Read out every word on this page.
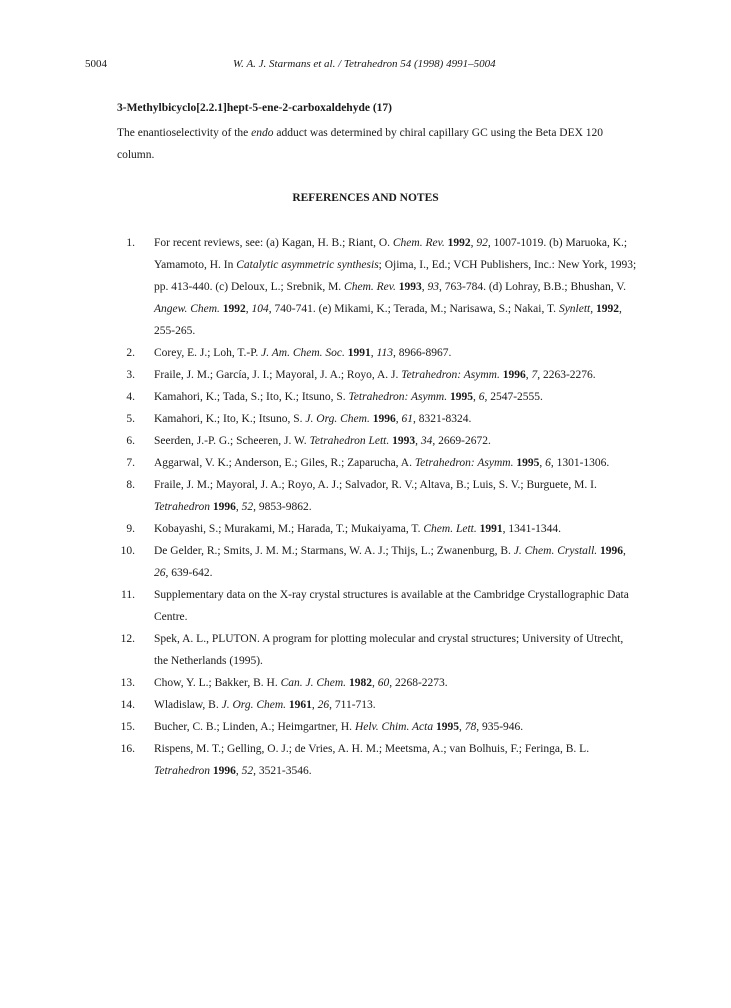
5004	W. A. J. Starmans et al. / Tetrahedron 54 (1998) 4991–5004
3-Methylbicyclo[2.2.1]hept-5-ene-2-carboxaldehyde (17)
The enantioselectivity of the endo adduct was determined by chiral capillary GC using the Beta DEX 120 column.
REFERENCES AND NOTES
1. For recent reviews, see: (a) Kagan, H. B.; Riant, O. Chem. Rev. 1992, 92, 1007-1019. (b) Maruoka, K.; Yamamoto, H. In Catalytic asymmetric synthesis; Ojima, I., Ed.; VCH Publishers, Inc.: New York, 1993; pp. 413-440. (c) Deloux, L.; Srebnik, M. Chem. Rev. 1993, 93, 763-784. (d) Lohray, B.B.; Bhushan, V. Angew. Chem. 1992, 104, 740-741. (e) Mikami, K.; Terada, M.; Narisawa, S.; Nakai, T. Synlett, 1992, 255-265.
2. Corey, E. J.; Loh, T.-P. J. Am. Chem. Soc. 1991, 113, 8966-8967.
3. Fraile, J. M.; García, J. I.; Mayoral, J. A.; Royo, A. J. Tetrahedron: Asymm. 1996, 7, 2263-2276.
4. Kamahori, K.; Tada, S.; Ito, K.; Itsuno, S. Tetrahedron: Asymm. 1995, 6, 2547-2555.
5. Kamahori, K.; Ito, K.; Itsuno, S. J. Org. Chem. 1996, 61, 8321-8324.
6. Seerden, J.-P. G.; Scheeren, J. W. Tetrahedron Lett. 1993, 34, 2669-2672.
7. Aggarwal, V. K.; Anderson, E.; Giles, R.; Zaparucha, A. Tetrahedron: Asymm. 1995, 6, 1301-1306.
8. Fraile, J. M.; Mayoral, J. A.; Royo, A. J.; Salvador, R. V.; Altava, B.; Luis, S. V.; Burguete, M. I. Tetrahedron 1996, 52, 9853-9862.
9. Kobayashi, S.; Murakami, M.; Harada, T.; Mukaiyama, T. Chem. Lett. 1991, 1341-1344.
10. De Gelder, R.; Smits, J. M. M.; Starmans, W. A. J.; Thijs, L.; Zwanenburg, B. J. Chem. Crystall. 1996, 26, 639-642.
11. Supplementary data on the X-ray crystal structures is available at the Cambridge Crystallographic Data Centre.
12. Spek, A. L., PLUTON. A program for plotting molecular and crystal structures; University of Utrecht, the Netherlands (1995).
13. Chow, Y. L.; Bakker, B. H. Can. J. Chem. 1982, 60, 2268-2273.
14. Wladislaw, B. J. Org. Chem. 1961, 26, 711-713.
15. Bucher, C. B.; Linden, A.; Heimgartner, H. Helv. Chim. Acta 1995, 78, 935-946.
16. Rispens, M. T.; Gelling, O. J.; de Vries, A. H. M.; Meetsma, A.; van Bolhuis, F.; Feringa, B. L. Tetrahedron 1996, 52, 3521-3546.
